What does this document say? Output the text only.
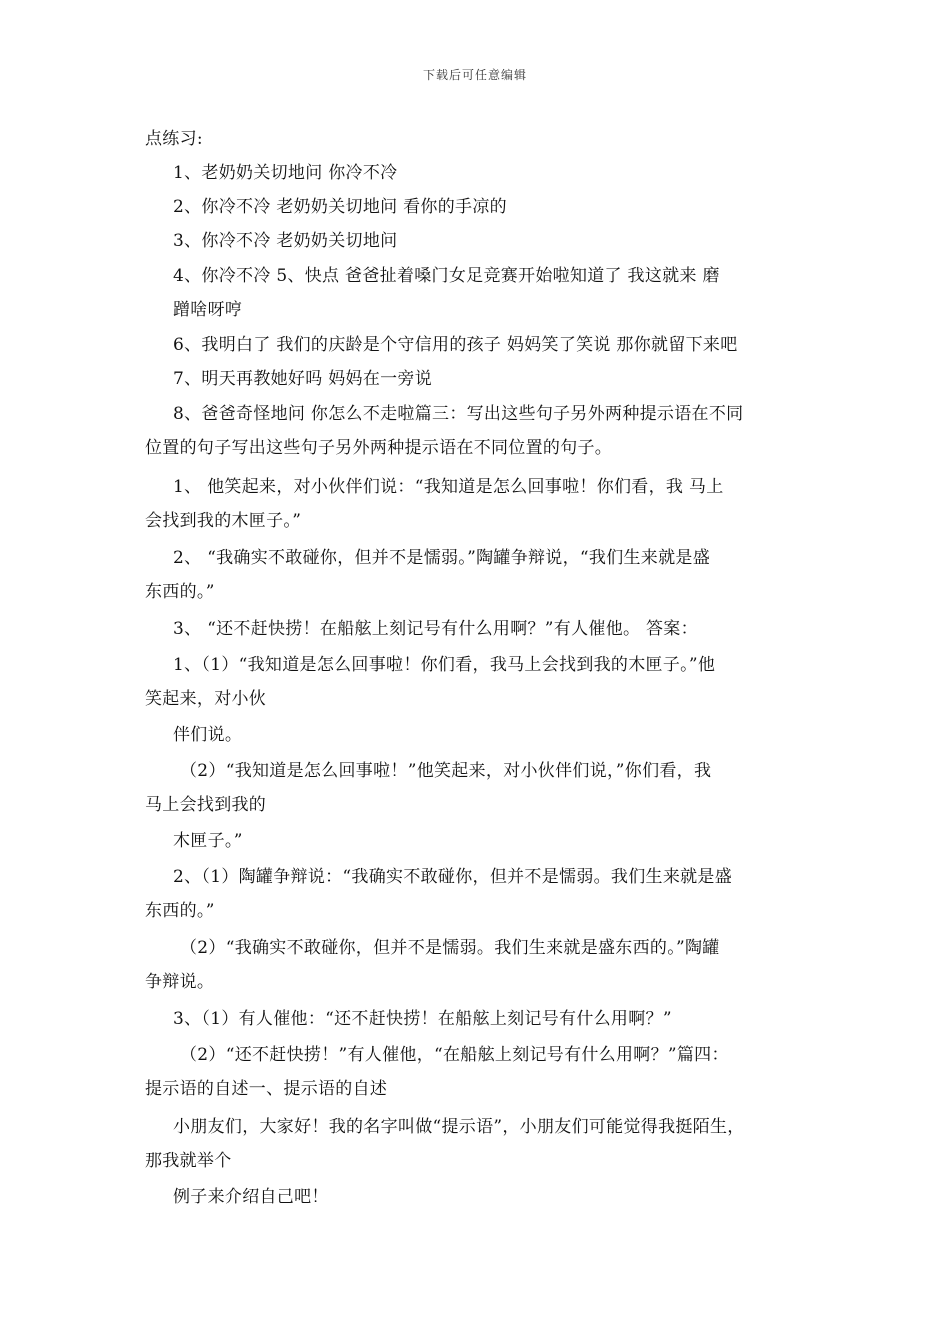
下载后可任意编辑
点练习:
1、老奶奶关切地问 你冷不冷
2、你冷不冷 老奶奶关切地问 看你的手凉的
3、你冷不冷 老奶奶关切地问
4、你冷不冷 5、快点 爸爸扯着嗓门女足竞赛开始啦知道了 我这就来 磨
蹭啥呀哼
6、我明白了 我们的庆龄是个守信用的孩子 妈妈笑了笑说 那你就留下来吧
7、明天再教她好吗 妈妈在一旁说
8、爸爸奇怪地问 你怎么不走啦篇三：写出这些句子另外两种提示语在不同
位置的句子写出这些句子另外两种提示语在不同位置的句子。
1、 他笑起来，对小伙伴们说：“我知道是怎么回事啦！你们看，我 马上
会找到我的木匣子。”
2、 “我确实不敢碰你，但并不是懦弱。”陶罐争辩说，“我们生来就是盛
东西的。”
3、 “还不赶快捞！在船舷上刻记号有什么用啊？”有人催他。 答案：
1、（1）“我知道是怎么回事啦！你们看，我马上会找到我的木匣子。”他
笑起来，对小伙
伴们说。
（2）“我知道是怎么回事啦！”他笑起来，对小伙伴们说，”你们看，我
马上会找到我的
木匣子。”
2、（1）陶罐争辩说：“我确实不敢碰你，但并不是懦弱。我们生来就是盛
东西的。”
（2）“我确实不敢碰你，但并不是懦弱。我们生来就是盛东西的。”陶罐
争辩说。
3、（1）有人催他：“还不赶快捞！在船舷上刻记号有什么用啊？”
（2）“还不赶快捞！”有人催他，“在船舷上刻记号有什么用啊？”篇四：
提示语的自述一、提示语的自述
小朋友们，大家好！我的名字叫做“提示语”，小朋友们可能觉得我挺陌生，
那我就举个
例子来介绍自己吧！
